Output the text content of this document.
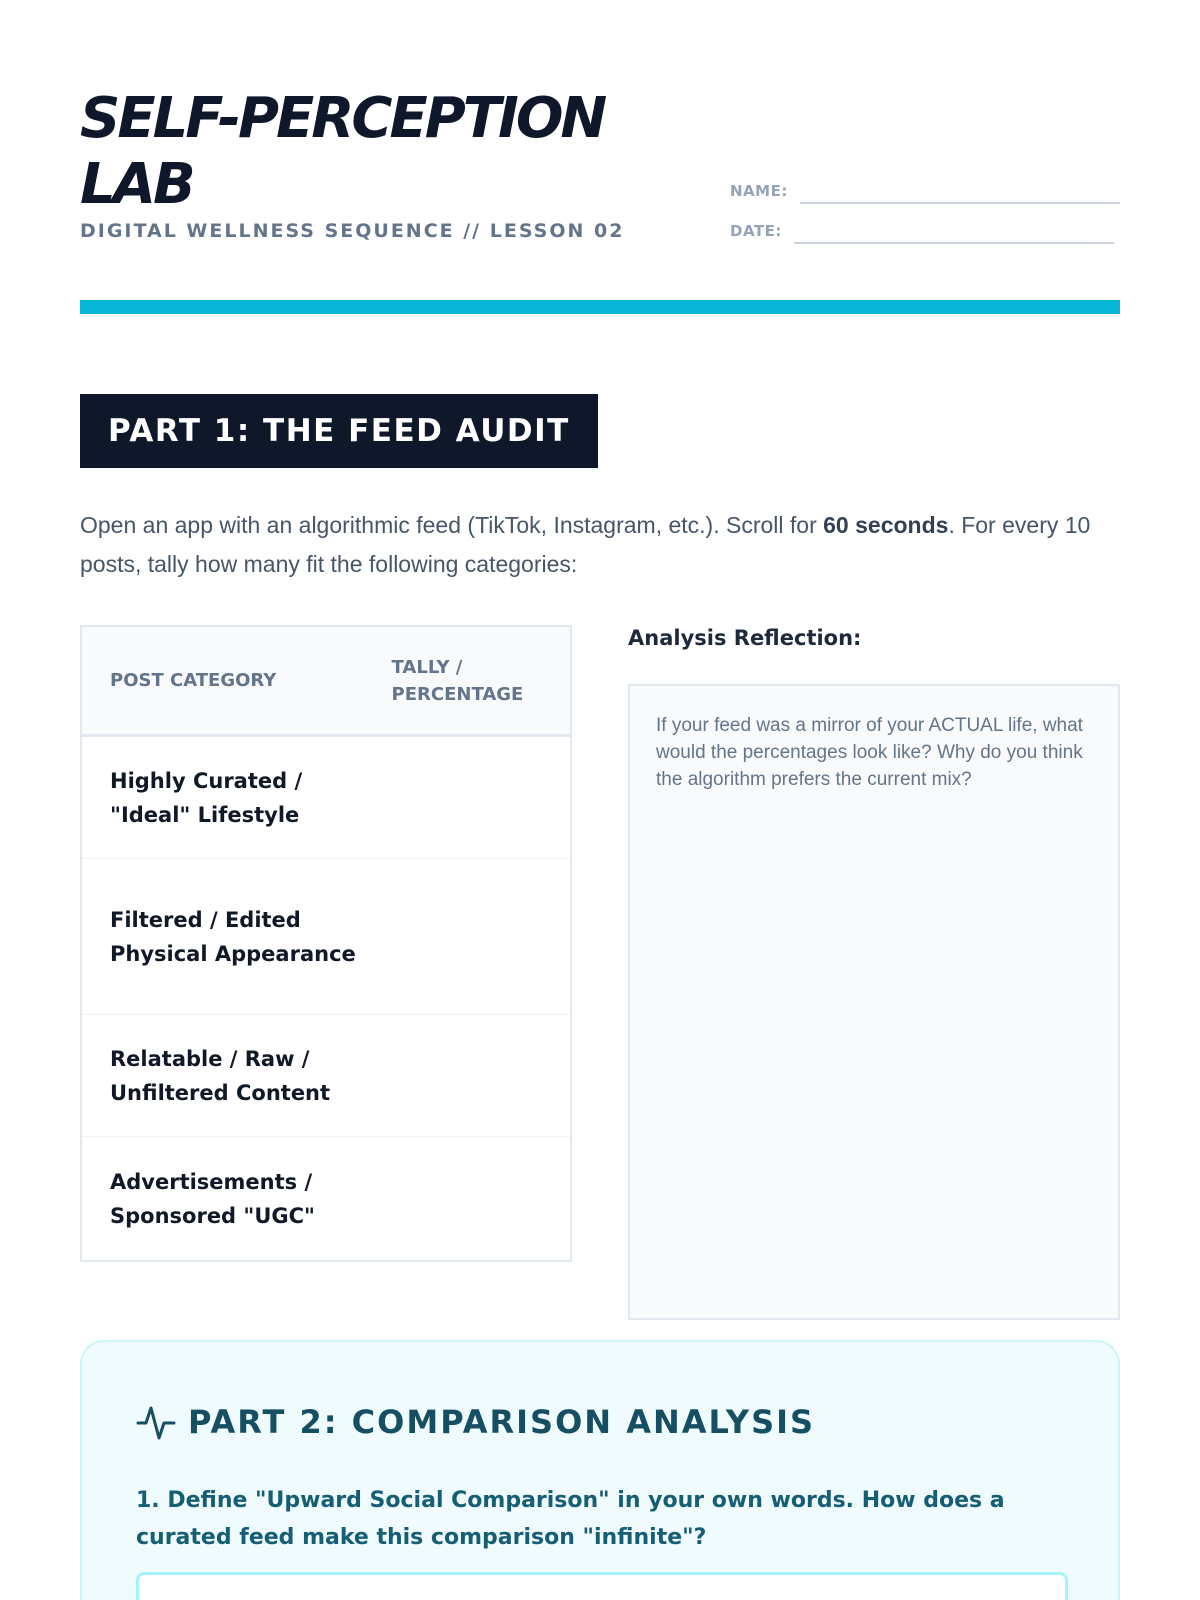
SELF-PERCEPTION LAB
DIGITAL WELLNESS SEQUENCE // LESSON 02
NAME:
DATE:
PART 1: THE FEED AUDIT

Open an app with an algorithmic feed (TikTok, Instagram, etc.). Scroll for 60 seconds. For every 10 posts, tally how many fit the following categories:

POST CATEGORY
TALLY / PERCENTAGE
Highly Curated / "Ideal" Lifestyle
Filtered / Edited Physical Appearance
Relatable / Raw / Unfiltered Content
Advertisements / Sponsored "UGC"
Analysis Reflection:

If your feed was a mirror of your ACTUAL life, what would the percentages look like? Why do you think the algorithm prefers the current mix?

PART 2: COMPARISON ANALYSIS

1. Define "Upward Social Comparison" in your own words. How does a curated feed make this comparison "infinite"?
